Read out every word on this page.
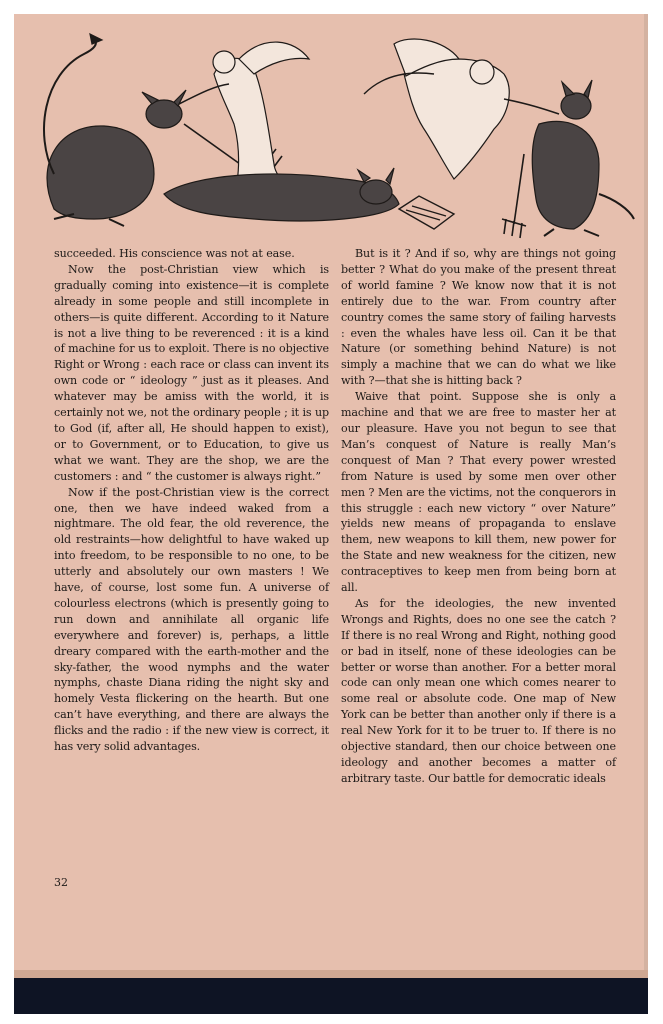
succeeded. His conscience was not at ease.

Now the post-Christian view which is gradually coming into existence—it is complete already in some people and still incomplete in others—is quite different. According to it Nature is not a live thing to be reverenced : it is a kind of machine for us to exploit. There is no objective Right or Wrong : each race or class can invent its own code or “ ideology ” just as it pleases. And whatever may be amiss with the world, it is certainly not we, not the ordinary people ; it is up to God (if, after all, He should happen to exist), or to Government, or to Education, to give us what we want. They are the shop, we are the customers : and “ the customer is always right.”

Now if the post-Christian view is the correct one, then we have indeed waked from a nightmare. The old fear, the old reverence, the old restraints—how delightful to have waked up into freedom, to be responsible to no one, to be utterly and absolutely our own masters ! We have, of course, lost some fun. A universe of colourless electrons (which is presently going to run down and annihilate all organic life everywhere and forever) is, perhaps, a little dreary compared with the earth-mother and the sky-father, the wood nymphs and the water nymphs, chaste Diana riding the night sky and homely Vesta flickering on the hearth. But one can’t have everything, and there are always the flicks and the radio : if the new view is correct, it has very solid advantages.

But is it ? And if so, why are things not going better ? What do you make of the present threat of world famine ? We know now that it is not entirely due to the war. From country after country comes the same story of failing harvests : even the whales have less oil. Can it be that Nature (or something behind Nature) is not simply a machine that we can do what we like with ?—that she is hitting back ?

Waive that point. Suppose she is only a machine and that we are free to master her at our pleasure. Have you not begun to see that Man’s conquest of Nature is really Man’s conquest of Man ? That every power wrested from Nature is used by some men over other men ? Men are the victims, not the conquerors in this struggle : each new victory “ over Nature” yields new means of propaganda to enslave them, new weapons to kill them, new power for the State and new weakness for the citizen, new contraceptives to keep men from being born at all.

As for the ideologies, the new invented Wrongs and Rights, does no one see the catch ? If there is no real Wrong and Right, nothing good or bad in itself, none of these ideologies can be better or worse than another. For a better moral code can only mean one which comes nearer to some real or absolute code. One map of New York can be better than another only if there is a real New York for it to be truer to. If there is no objective standard, then our choice between one ideology and another becomes a matter of arbitrary taste. Our battle for democratic ideals

32
